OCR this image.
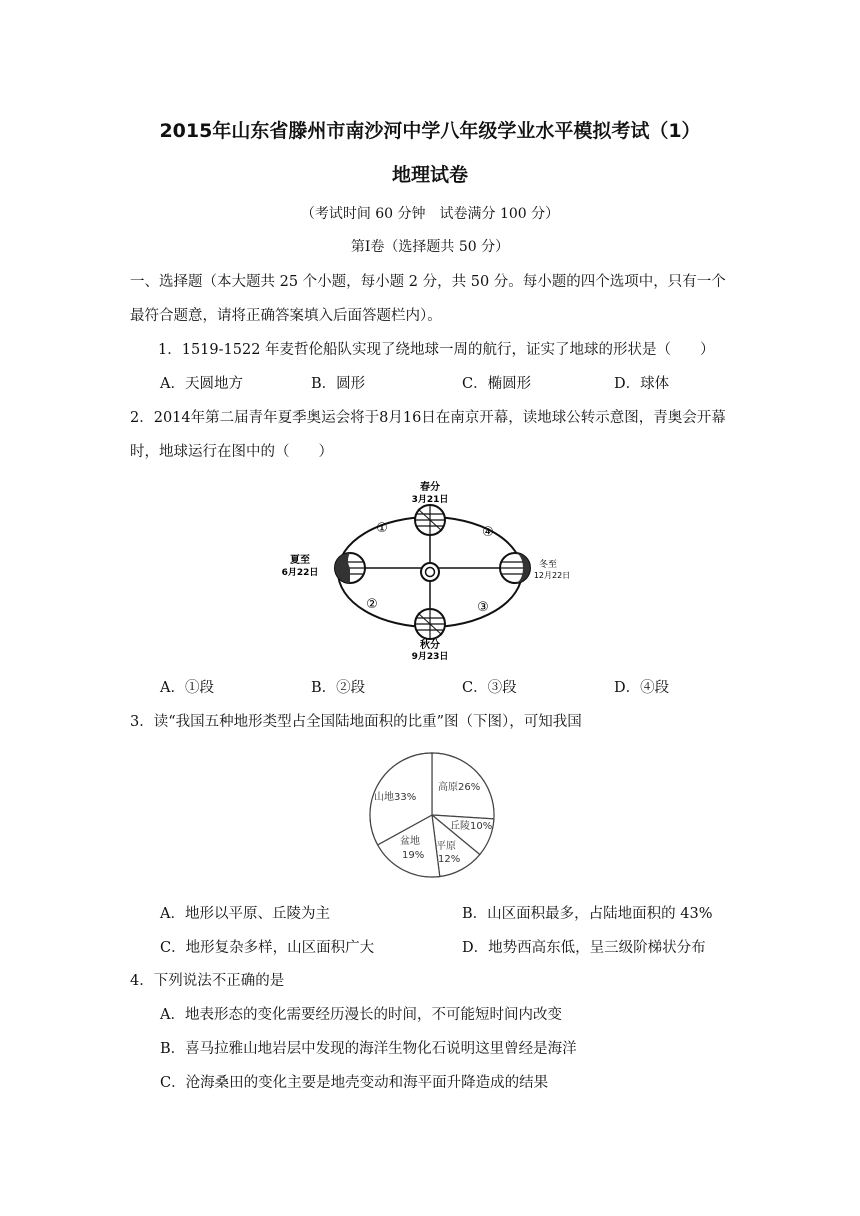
2015年山东省滕州市南沙河中学八年级学业水平模拟考试（1）
地理试卷
（考试时间 60 分钟　试卷满分 100 分）
第Ⅰ卷（选择题共 50 分）
一、选择题（本大题共 25 个小题，每小题 2 分，共 50 分。每小题的四个选项中，只有一个
最符合题意，请将正确答案填入后面答题栏内）。
1．1519-1522 年麦哲伦船队实现了绕地球一周的航行，证实了地球的形状是（　　）
A．天圆地方	B．圆形	C．椭圆形	D．球体
2．2014年第二届青年夏季奥运会将于8月16日在南京开幕，读地球公转示意图，青奥会开幕
时，地球运行在图中的（　　）
春分
3月21日
夏至
6月22日
秋分
9月23日
冬至
12月22日
①
②	③
④
A．①段	B．②段	C．③段	D．④段
3．读“我国五种地形类型占全国陆地面积的比重”图（下图），可知我国
高原26%
丘陵10%
平原
12%
盆地
19%
山地33%
A．地形以平原、丘陵为主	B．山区面积最多，占陆地面积的 43%
C．地形复杂多样，山区面积广大	D．地势西高东低，呈三级阶梯状分布
4．下列说法不正确的是
A．地表形态的变化需要经历漫长的时间，不可能短时间内改变
B．喜马拉雅山地岩层中发现的海洋生物化石说明这里曾经是海洋
C．沧海桑田的变化主要是地壳变动和海平面升降造成的结果
